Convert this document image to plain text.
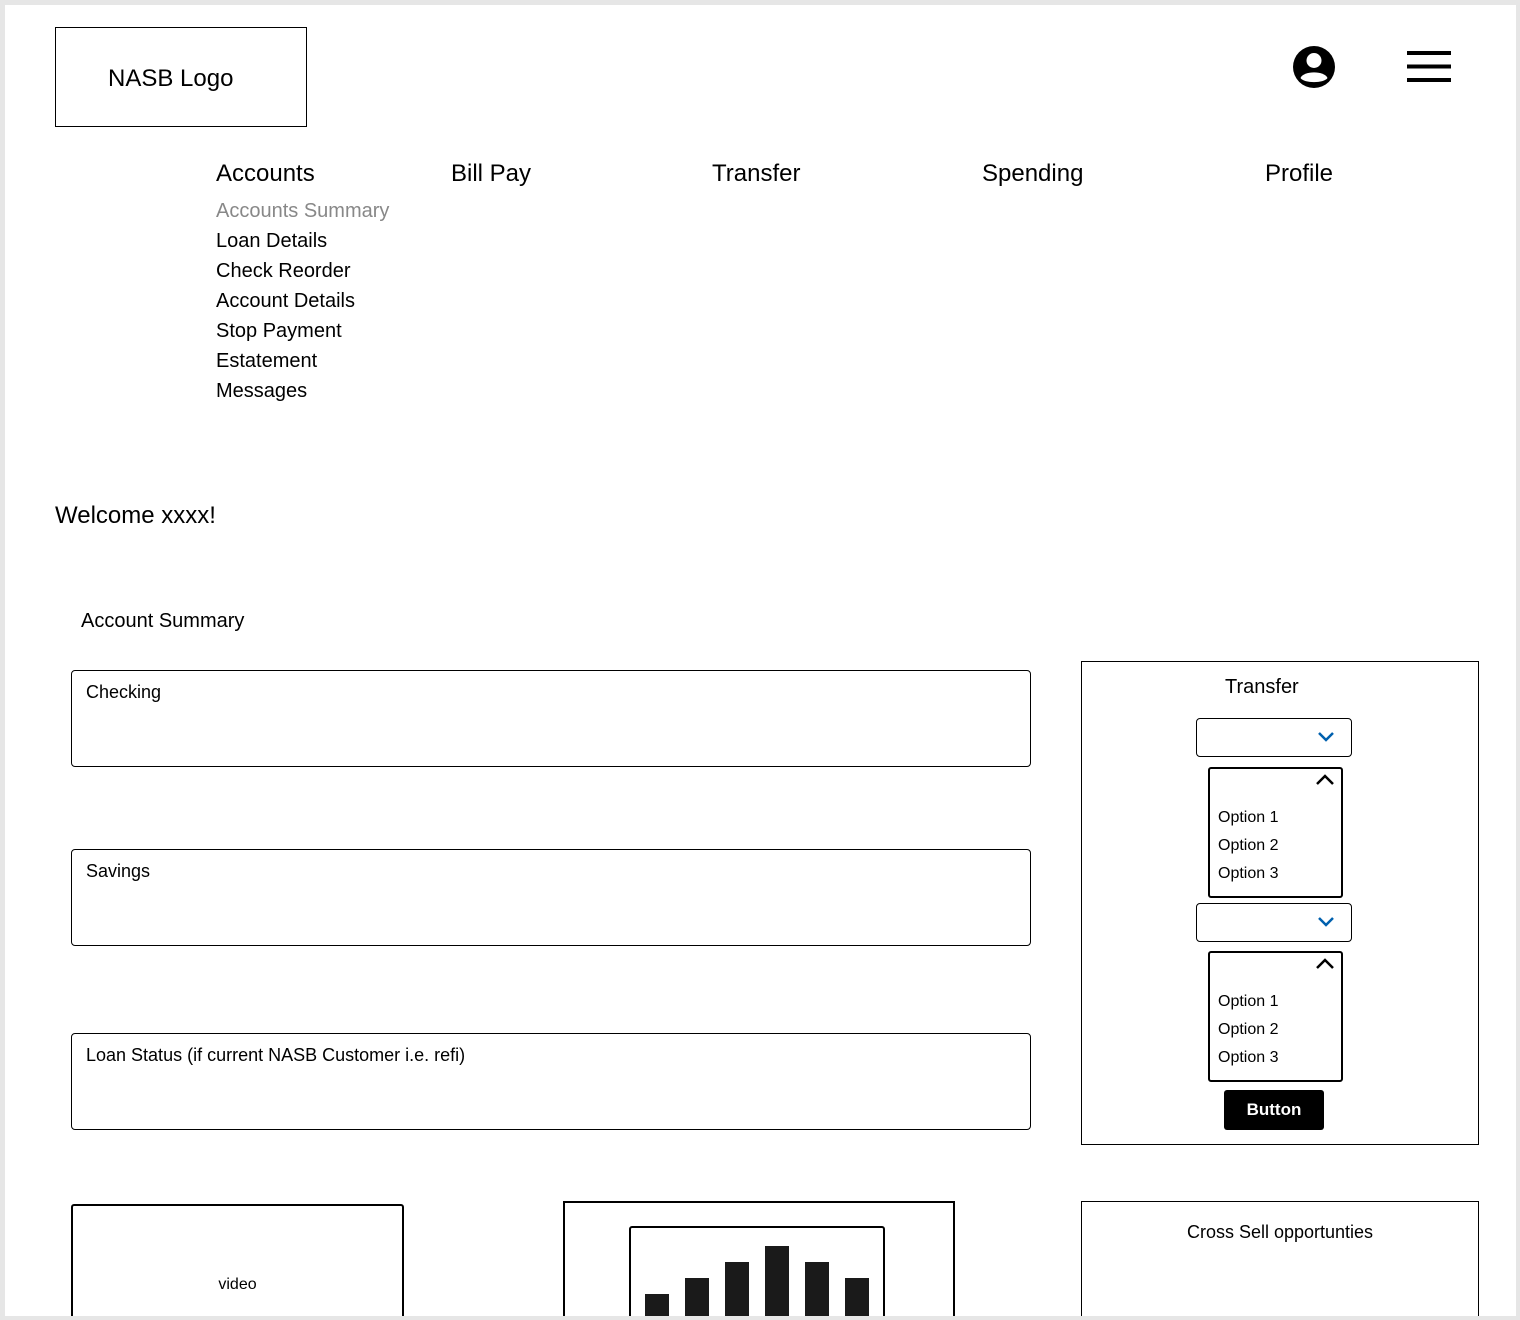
NASB Logo
Accounts	Bill Pay	Transfer	Spending	Profile
Accounts Summary
Loan Details
Check Reorder
Account Details
Stop Payment
Estatement
Messages
Welcome xxxx!
Account Summary
Checking
Savings
Loan Status (if current NASB Customer i.e. refi)
Transfer
Option 1
Option 2
Option 3
Option 1
Option 2
Option 3
Button
video
Cross Sell opportunties
